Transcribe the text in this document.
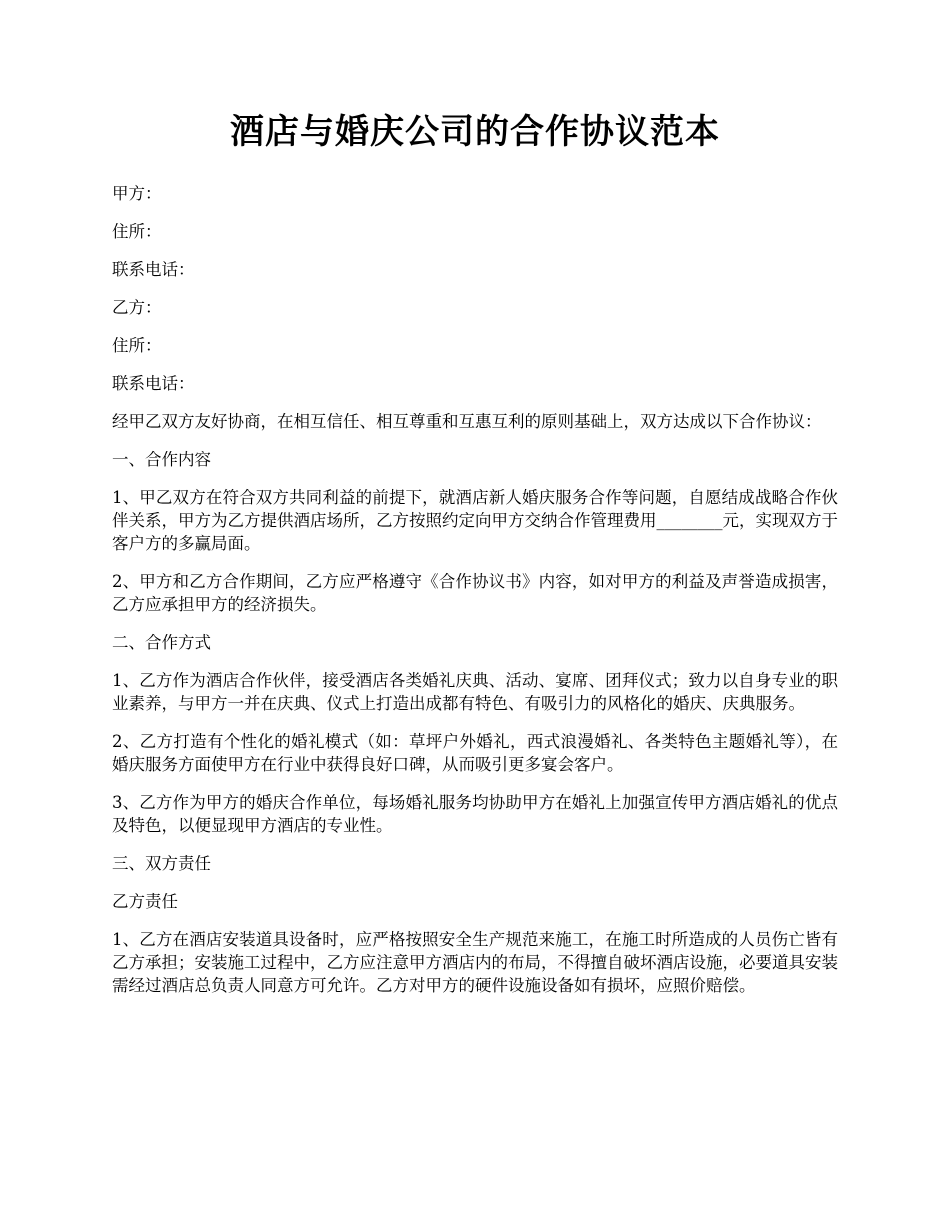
酒店与婚庆公司的合作协议范本

甲方：

住所：

联系电话：

乙方：

住所：

联系电话：

经甲乙双方友好协商，在相互信任、相互尊重和互惠互利的原则基础上，双方达成以下合作协议：

一、合作内容

1、甲乙双方在符合双方共同利益的前提下，就酒店新人婚庆服务合作等问题，自愿结成战略合作伙伴关系，甲方为乙方提供酒店场所，乙方按照约定向甲方交纳合作管理费用________元，实现双方于客户方的多赢局面。

2、甲方和乙方合作期间，乙方应严格遵守《合作协议书》内容，如对甲方的利益及声誉造成损害，乙方应承担甲方的经济损失。

二、合作方式

1、乙方作为酒店合作伙伴，接受酒店各类婚礼庆典、活动、宴席、团拜仪式；致力以自身专业的职业素养，与甲方一并在庆典、仪式上打造出成都有特色、有吸引力的风格化的婚庆、庆典服务。

2、乙方打造有个性化的婚礼模式（如：草坪户外婚礼，西式浪漫婚礼、各类特色主题婚礼等），在婚庆服务方面使甲方在行业中获得良好口碑，从而吸引更多宴会客户。

3、乙方作为甲方的婚庆合作单位，每场婚礼服务均协助甲方在婚礼上加强宣传甲方酒店婚礼的优点及特色，以便显现甲方酒店的专业性。

三、双方责任

乙方责任

1、乙方在酒店安装道具设备时，应严格按照安全生产规范来施工，在施工时所造成的人员伤亡皆有乙方承担；安装施工过程中，乙方应注意甲方酒店内的布局，不得擅自破坏酒店设施，必要道具安装需经过酒店总负责人同意方可允许。乙方对甲方的硬件设施设备如有损坏，应照价赔偿。
